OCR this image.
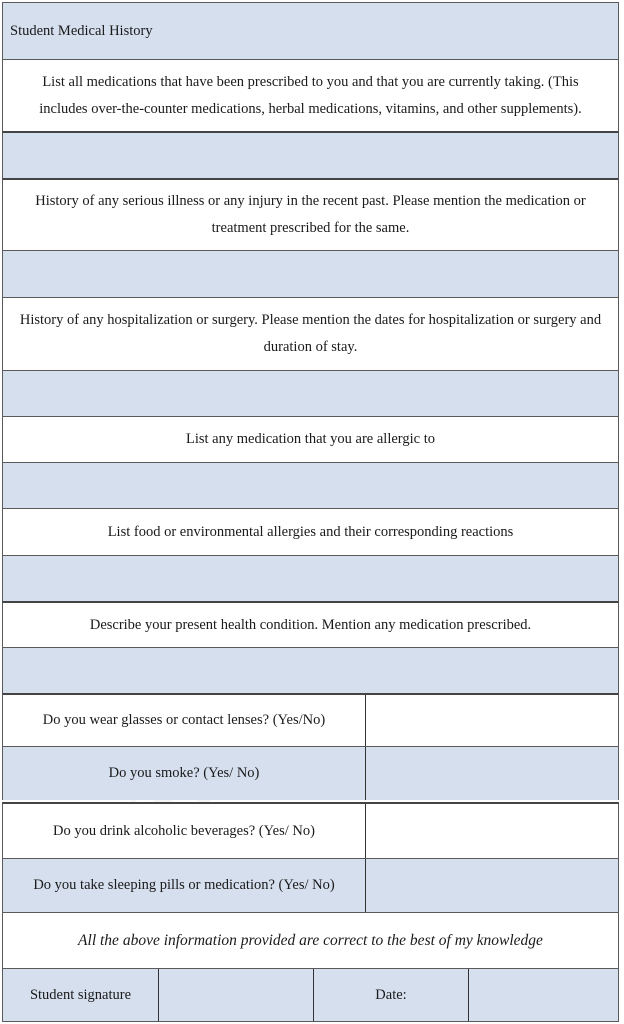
Student Medical History
List all medications that have been prescribed to you and that you are currently taking. (This includes over-the-counter medications, herbal medications, vitamins, and other supplements).
History of any serious illness or any injury in the recent past. Please mention the medication or treatment prescribed for the same.
History of any hospitalization or surgery. Please mention the dates for hospitalization or surgery and duration of stay.
List any medication that you are allergic to
List food or environmental allergies and their corresponding reactions
Describe your present health condition. Mention any medication prescribed.
Do you wear glasses or contact lenses? (Yes/No)
Do you smoke? (Yes/ No)
Do you drink alcoholic beverages? (Yes/ No)
Do you take sleeping pills or medication? (Yes/ No)
All the above information provided are correct to the best of my knowledge
Student signature	Date:
